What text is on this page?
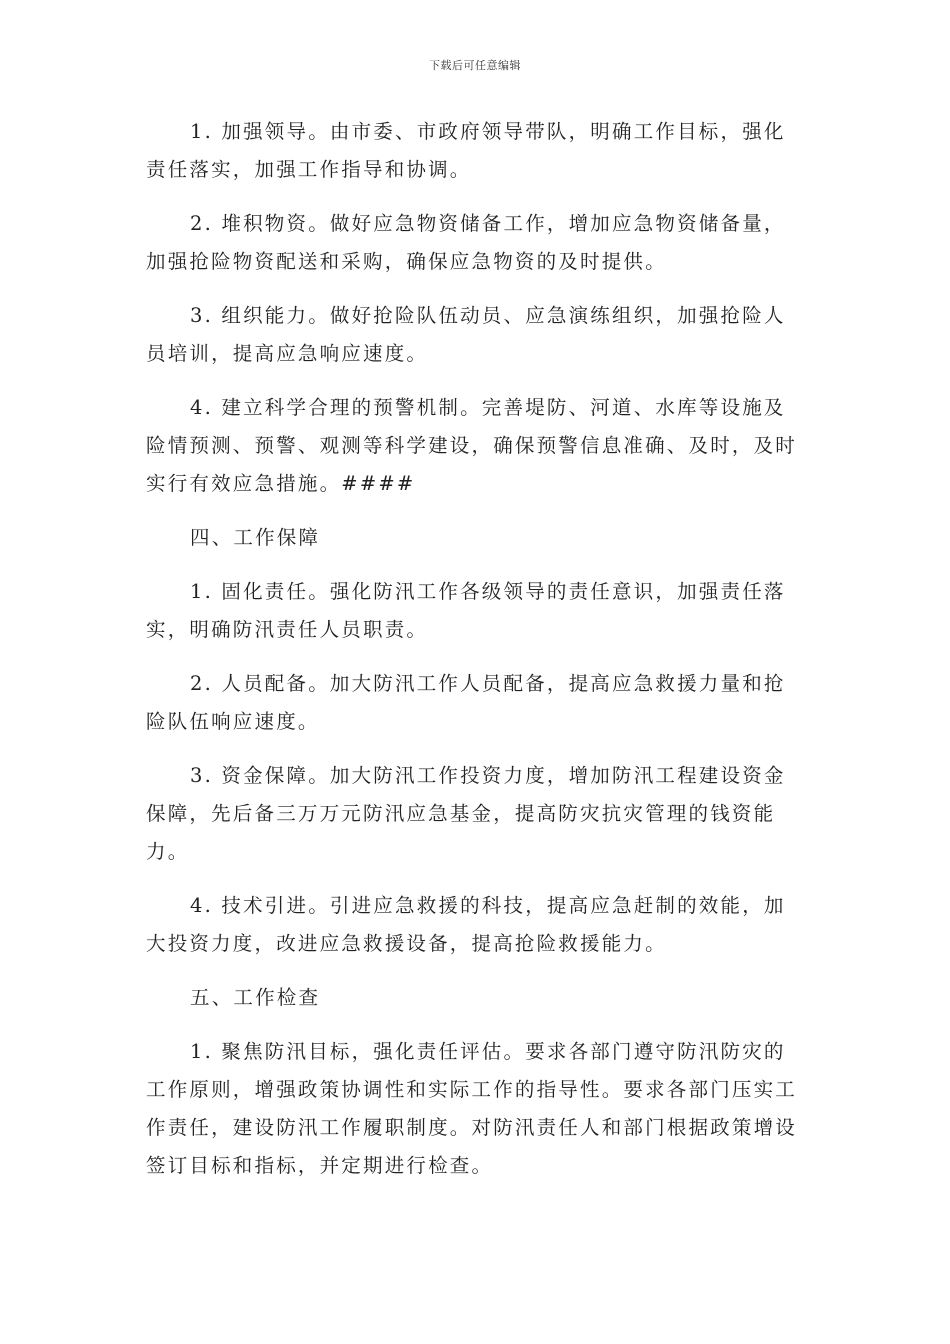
下载后可任意编辑

1. 加强领导。由市委、市政府领导带队，明确工作目标，强化责任落实，加强工作指导和协调。

2. 堆积物资。做好应急物资储备工作，增加应急物资储备量，加强抢险物资配送和采购，确保应急物资的及时提供。

3. 组织能力。做好抢险队伍动员、应急演练组织，加强抢险人员培训，提高应急响应速度。

4. 建立科学合理的预警机制。完善堤防、河道、水库等设施及险情预测、预警、观测等科学建设，确保预警信息准确、及时，及时实行有效应急措施。####

四、工作保障

1. 固化责任。强化防汛工作各级领导的责任意识，加强责任落实，明确防汛责任人员职责。

2. 人员配备。加大防汛工作人员配备，提高应急救援力量和抢险队伍响应速度。

3. 资金保障。加大防汛工作投资力度，增加防汛工程建设资金保障，先后备三万万元防汛应急基金，提高防灾抗灾管理的钱资能力。

4. 技术引进。引进应急救援的科技，提高应急赶制的效能，加大投资力度，改进应急救援设备，提高抢险救援能力。

五、工作检查

1. 聚焦防汛目标，强化责任评估。要求各部门遵守防汛防灾的工作原则，增强政策协调性和实际工作的指导性。要求各部门压实工作责任，建设防汛工作履职制度。对防汛责任人和部门根据政策增设签订目标和指标，并定期进行检查。
